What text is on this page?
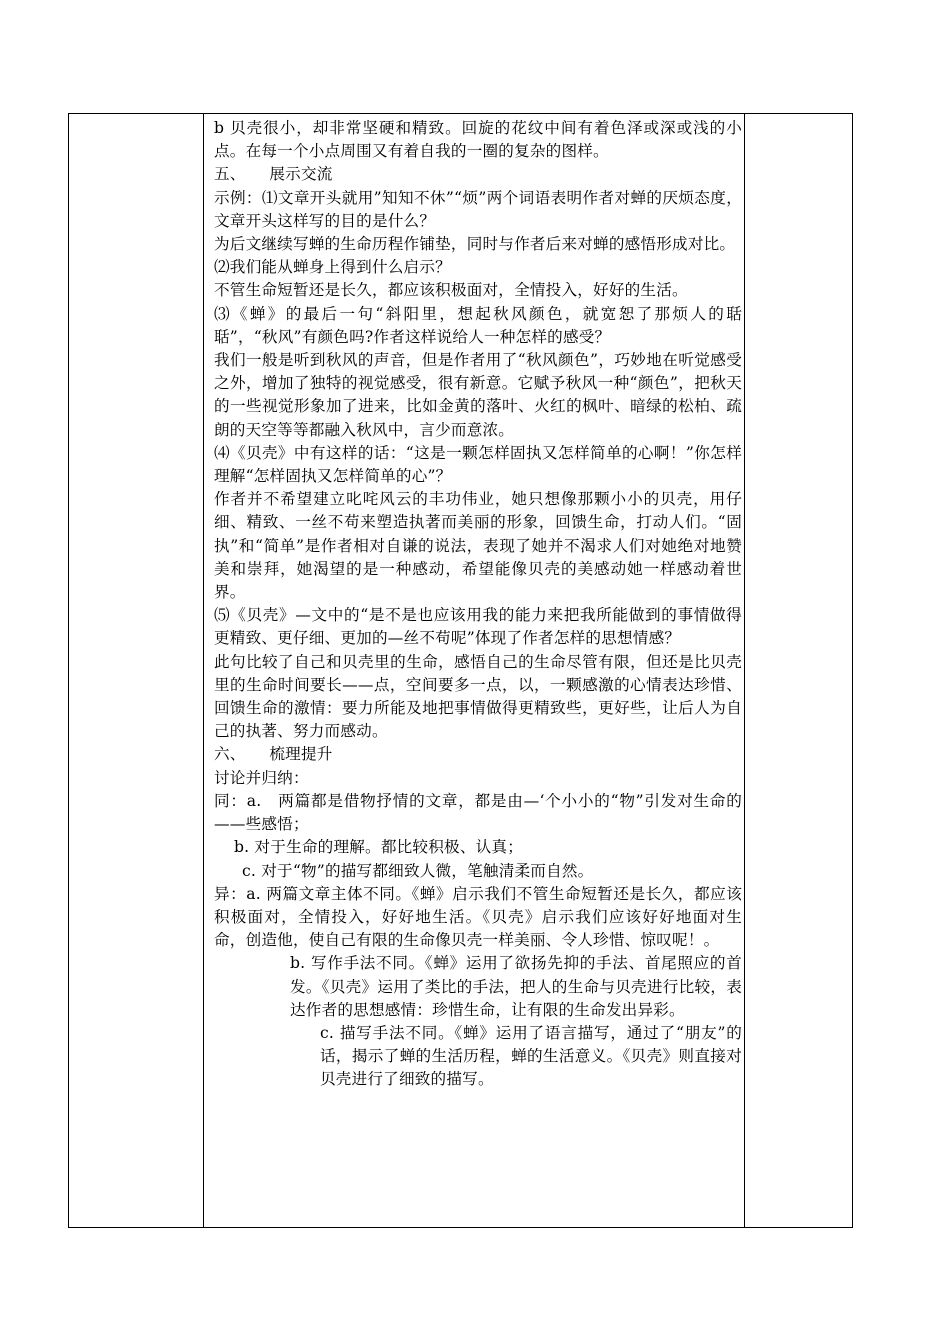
b 贝壳很小，却非常坚硬和精致。回旋的花纹中间有着色泽或深或浅的小点。在每一个小点周围又有着自我的一圈的复杂的图样。

五、　　展示交流

示例：⑴文章开头就用”知知不休”“烦”两个词语表明作者对蝉的厌烦态度，文章开头这样写的目的是什么？

为后文继续写蝉的生命历程作铺垫，同时与作者后来对蝉的感悟形成对比。

⑵我们能从蝉身上得到什么启示？

不管生命短暂还是长久，都应该积极面对，全情投入，好好的生活。

⑶《蝉》的最后一句“斜阳里，想起秋风颜色，就宽恕了那烦人的聒聒”，“秋风”有颜色吗?作者这样说给人一种怎样的感受？

我们一般是听到秋风的声音，但是作者用了“秋风颜色”，巧妙地在听觉感受之外，增加了独特的视觉感受，很有新意。它赋予秋风一种“颜色”，把秋天的一些视觉形象加了进来，比如金黄的落叶、火红的枫叶、暗绿的松柏、疏朗的天空等等都融入秋风中，言少而意浓。

⑷《贝壳》中有这样的话：“这是一颗怎样固执又怎样简单的心啊！”你怎样理解“怎样固执又怎样简单的心”？

作者并不希望建立叱咤风云的丰功伟业，她只想像那颗小小的贝壳，用仔细、精致、一丝不苟来塑造执著而美丽的形象，回馈生命，打动人们。“固执”和“简单”是作者相对自谦的说法，表现了她并不渴求人们对她绝对地赞美和崇拜，她渴望的是一种感动，希望能像贝壳的美感动她一样感动着世界。

⑸《贝壳》—文中的“是不是也应该用我的能力来把我所能做到的事情做得更精致、更仔细、更加的—丝不苟呢”体现了作者怎样的思想情感？

此句比较了自己和贝壳里的生命，感悟自己的生命尽管有限，但还是比贝壳里的生命时间要长——点，空间要多一点，以，一颗感激的心情表达珍惜、回馈生命的激情：要力所能及地把事情做得更精致些，更好些，让后人为自己的执著、努力而感动。

六、　　梳理提升

讨论并归纳：

同：a.　两篇都是借物抒情的文章，都是由—‘个小小的“物”引发对生命的——些感悟；

b. 对于生命的理解。都比较积极、认真；

c. 对于“物”的描写都细致人微，笔触清柔而自然。

异：a. 两篇文章主体不同。《蝉》启示我们不管生命短暂还是长久，都应该积极面对，全情投入，好好地生活。《贝壳》启示我们应该好好地面对生命，创造他，使自己有限的生命像贝壳一样美丽、令人珍惜、惊叹呢！。

b. 写作手法不同。《蝉》运用了欲扬先抑的手法、首尾照应的首发。《贝壳》运用了类比的手法，把人的生命与贝壳进行比较，表达作者的思想感情：珍惜生命，让有限的生命发出异彩。

c. 描写手法不同。《蝉》运用了语言描写，通过了“朋友”的话，揭示了蝉的生活历程，蝉的生活意义。《贝壳》则直接对贝壳进行了细致的描写。
